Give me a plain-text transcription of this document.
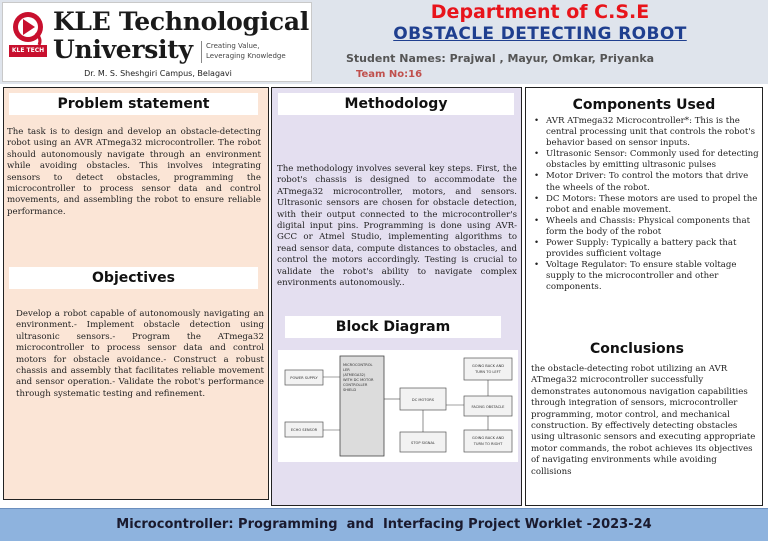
KLE TECH
KLE Technological
University Creating Value,
Leveraging Knowledge
Dr. M. S. Sheshgiri Campus, Belagavi
Department of C.S.E
OBSTACLE DETECTING ROBOT
Student Names: Prajwal , Mayur, Omkar, Priyanka
Team No:16
Problem statement
The task is to design and develop an obstacle-detecting robot using an AVR ATmega32 microcontroller. The robot should autonomously navigate through an environment while avoiding obstacles. This involves integrating sensors to detect obstacles, programming the microcontroller to process sensor data and control movements, and assembling the robot to ensure reliable performance.
Objectives
Develop a robot capable of autonomously navigating an environment.- Implement obstacle detection using ultrasonic sensors.- Program the ATmega32 microcontroller to process sensor data and control motors for obstacle avoidance.- Construct a robust chassis and assembly that facilitates reliable movement and sensor operation.- Validate the robot's performance through systematic testing and refinement.
Methodology
The methodology involves several key steps. First, the robot's chassis is designed to accommodate the ATmega32 microcontroller, motors, and sensors. Ultrasonic sensors are chosen for obstacle detection, with their output connected to the microcontroller's digital input pins. Programming is done using AVR-GCC or Atmel Studio, implementing algorithms to read sensor data, compute distances to obstacles, and control the motors accordingly. Testing is crucial to validate the robot's ability to navigate complex environments autonomously..
Block Diagram
POWER SUPPLY
ECHO SENSOR
MICROCONTROL
LER
(ATMEGA32)
WITH DC MOTOR
CONTROLLER
SHIELD
DC MOTORS
STOP SIGNAL
FACING OBSTACLE
GOING BACK AND
TURN TO LEFT
GOING BACK AND
TURN TO RIGHT
Components Used
• AVR ATmega32 Microcontroller*: This is the central processing unit that controls the robot's behavior based on sensor inputs.
• Ultrasonic Sensor: Commonly used for detecting obstacles by emitting ultrasonic pulses
• Motor Driver: To control the motors that drive the wheels of the robot.
• DC Motors: These motors are used to propel the robot and enable movement.
• Wheels and Chassis: Physical components that form the body of the robot
• Power Supply: Typically a battery pack that provides sufficient voltage
• Voltage Regulator: To ensure stable voltage supply to the microcontroller and other components.
Conclusions
the obstacle-detecting robot utilizing an AVR ATmega32 microcontroller successfully demonstrates autonomous navigation capabilities through integration of sensors, microcontroller programming, motor control, and mechanical construction. By effectively detecting obstacles using ultrasonic sensors and executing appropriate motor commands, the robot achieves its objectives of navigating environments while avoiding collisions
Microcontroller: Programming  and  Interfacing Project Worklet -2023-24
